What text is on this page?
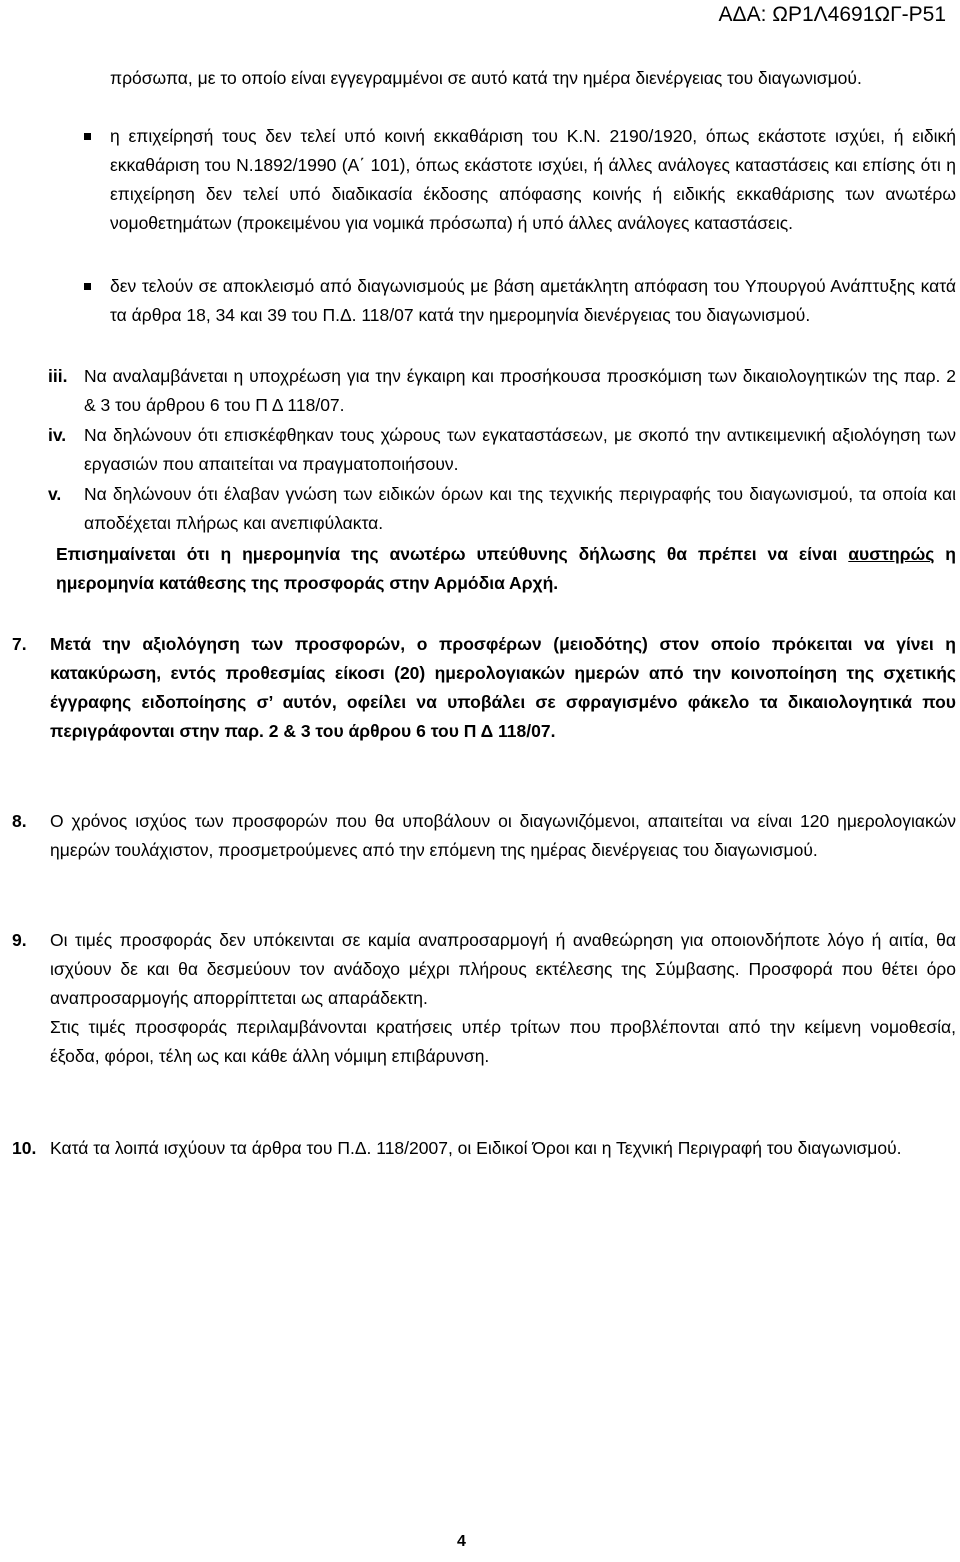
ΑΔΑ: ΩΡ1Λ4691ΩΓ-Ρ51
πρόσωπα, με το οποίο είναι εγγεγραμμένοι σε αυτό κατά την ημέρα διενέργειας του διαγωνισμού.
η επιχείρησή τους δεν τελεί υπό κοινή εκκαθάριση του Κ.Ν. 2190/1920, όπως εκάστοτε ισχύει, ή ειδική εκκαθάριση του Ν.1892/1990 (Α΄ 101), όπως εκάστοτε ισχύει, ή άλλες ανάλογες καταστάσεις και επίσης ότι η επιχείρηση δεν τελεί υπό διαδικασία έκδοσης απόφασης κοινής ή ειδικής εκκαθάρισης των ανωτέρω νομοθετημάτων (προκειμένου για νομικά πρόσωπα) ή υπό άλλες ανάλογες καταστάσεις.
δεν τελούν σε αποκλεισμό από διαγωνισμούς με βάση αμετάκλητη απόφαση του Υπουργού Ανάπτυξης κατά τα άρθρα 18, 34 και 39 του Π.Δ. 118/07 κατά την ημερομηνία διενέργειας του διαγωνισμού.
iii. Να αναλαμβάνεται η υποχρέωση για την έγκαιρη και προσήκουσα προσκόμιση των δικαιολογητικών της παρ. 2 & 3 του άρθρου 6 του Π Δ 118/07.
iv. Να δηλώνουν ότι επισκέφθηκαν τους χώρους των εγκαταστάσεων, με σκοπό την αντικειμενική αξιολόγηση των εργασιών που απαιτείται να πραγματοποιήσουν.
v. Να δηλώνουν ότι έλαβαν γνώση των ειδικών όρων και της τεχνικής περιγραφής του διαγωνισμού, τα οποία και αποδέχεται πλήρως και ανεπιφύλακτα.
Επισημαίνεται ότι η ημερομηνία της ανωτέρω υπεύθυνης δήλωσης θα πρέπει να είναι αυστηρώς η ημερομηνία κατάθεσης της προσφοράς στην Αρμόδια Αρχή.
7. Μετά την αξιολόγηση των προσφορών, ο προσφέρων (μειοδότης) στον οποίο πρόκειται να γίνει η κατακύρωση, εντός προθεσμίας είκοσι (20) ημερολογιακών ημερών από την κοινοποίηση της σχετικής έγγραφης ειδοποίησης σ’ αυτόν, οφείλει να υποβάλει σε σφραγισμένο φάκελο τα δικαιολογητικά που περιγράφονται στην παρ. 2 & 3 του άρθρου 6 του Π Δ 118/07.
8. Ο χρόνος ισχύος των προσφορών που θα υποβάλουν οι διαγωνιζόμενοι, απαιτείται να είναι 120 ημερολογιακών ημερών τουλάχιστον, προσμετρούμενες από την επόμενη της ημέρας διενέργειας του διαγωνισμού.
9. Οι τιμές προσφοράς δεν υπόκεινται σε καμία αναπροσαρμογή ή αναθεώρηση για οποιονδήποτε λόγο ή αιτία, θα ισχύουν δε και θα δεσμεύουν τον ανάδοχο μέχρι πλήρους εκτέλεσης της Σύμβασης. Προσφορά που θέτει όρο αναπροσαρμογής απορρίπτεται ως απαράδεκτη.
Στις τιμές προσφοράς περιλαμβάνονται κρατήσεις υπέρ τρίτων που προβλέπονται από την κείμενη νομοθεσία, έξοδα, φόροι, τέλη ως και κάθε άλλη νόμιμη επιβάρυνση.
10. Κατά τα λοιπά ισχύουν τα άρθρα του Π.Δ. 118/2007, οι Ειδικοί Όροι και η Τεχνική Περιγραφή του διαγωνισμού.
4
